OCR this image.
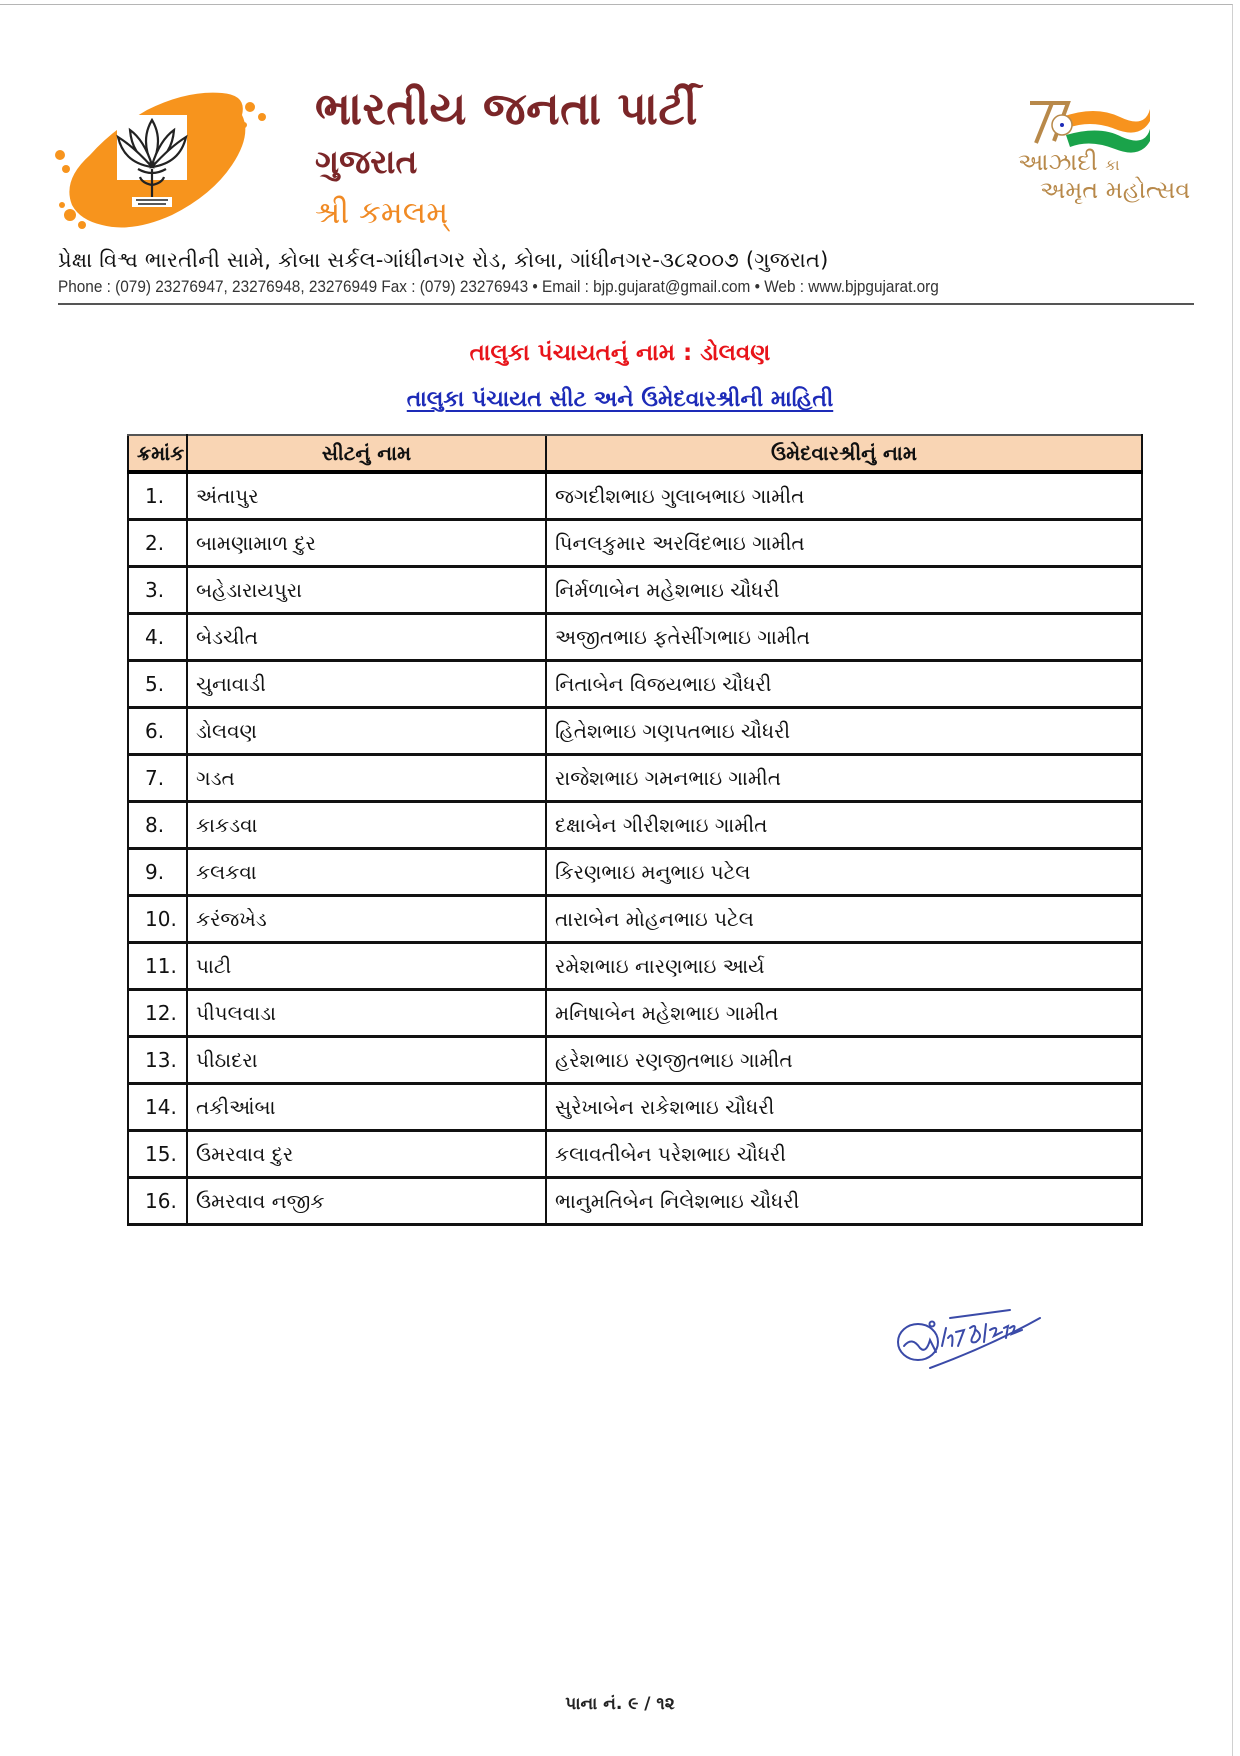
ભારતીય જનતા પાર્ટી
ગુજરાત
શ્રી કમલમ્
આઝાદી કા
અમૃત મહોત્સવ
પ્રેક્ષા વિશ્વ ભારતીની સામે, કોબા સર્કલ-ગાંધીનગર રોડ, કોબા, ગાંધીનગર-૩૮૨૦૦૭ (ગુજરાત)
Phone : (079) 23276947, 23276948, 23276949 Fax : (079) 23276943 • Email : bjp.gujarat@gmail.com • Web : www.bjpgujarat.org
તાલુકા પંચાયતનું નામ : ડોલવણ
તાલુકા પંચાયત સીટ અને ઉમેદવારશ્રીની માહિતી
ક્રમાંક	સીટનું નામ	ઉમેદવારશ્રીનું નામ
1.	અંતાપુર	જગદીશભાઇ ગુલાબભાઇ ગામીત
2.	બામણામાળ દુર	પિનલકુમાર અરવિંદભાઇ ગામીત
3.	બહેડારાયપુરા	નિર્મળાબેન મહેશભાઇ ચૌધરી
4.	બેડચીત	અજીતભાઇ ફતેસીંગભાઇ ગામીત
5.	ચુનાવાડી	નિતાબેન વિજયભાઇ ચૌધરી
6.	ડોલવણ	હિતેશભાઇ ગણપતભાઇ ચૌધરી
7.	ગડત	રાજેશભાઇ ગમનભાઇ ગામીત
8.	કાકડવા	દક્ષાબેન ગીરીશભાઇ ગામીત
9.	કલકવા	કિરણભાઇ મનુભાઇ પટેલ
10.	કરંજખેડ	તારાબેન મોહનભાઇ પટેલ
11.	પાટી	રમેશભાઇ નારણભાઇ આર્ય
12.	પીપલવાડા	મનિષાબેન મહેશભાઇ ગામીત
13.	પીઠાદરા	હરેશભાઇ રણજીતભાઇ ગામીત
14.	તકીઆંબા	સુરેખાબેન રાકેશભાઇ ચૌધરી
15.	ઉમરવાવ દુર	કલાવતીબેન પરેશભાઇ ચૌધરી
16.	ઉમરવાવ નજીક	ભાનુમતિબેન નિલેશભાઇ ચૌધરી
પાના નં. ૯ / ૧૨
